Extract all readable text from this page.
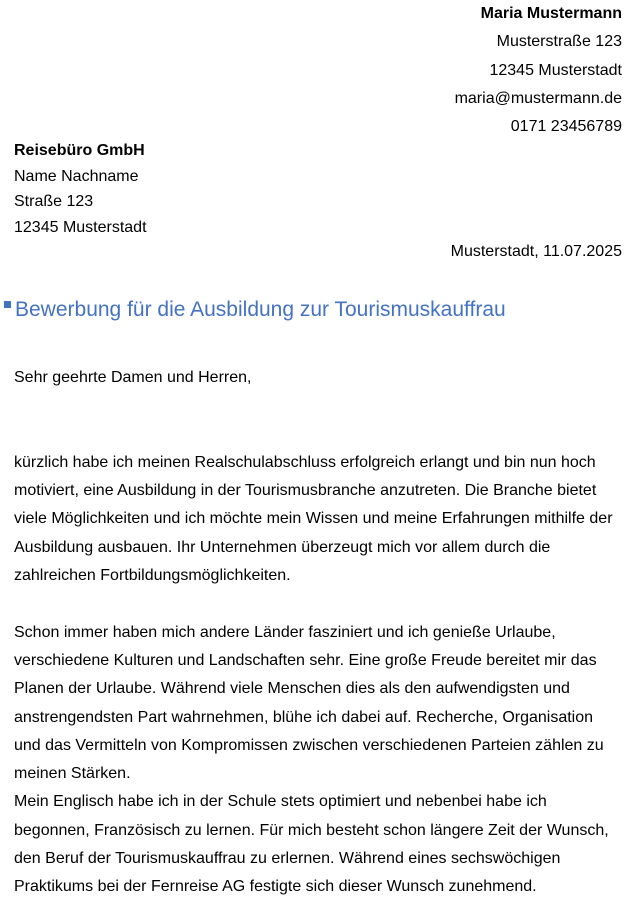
Maria Mustermann
Musterstraße 123
12345 Musterstadt
maria@mustermann.de
0171 23456789
Reisebüro GmbH
Name Nachname
Straße 123
12345 Musterstadt
Musterstadt, 11.07.2025
Bewerbung für die Ausbildung zur Tourismuskauffrau

Sehr geehrte Damen und Herren,

kürzlich habe ich meinen Realschulabschluss erfolgreich erlangt und bin nun hoch motiviert, eine Ausbildung in der Tourismusbranche anzutreten. Die Branche bietet viele Möglichkeiten und ich möchte mein Wissen und meine Erfahrungen mithilfe der Ausbildung ausbauen. Ihr Unternehmen überzeugt mich vor allem durch die zahlreichen Fortbildungsmöglichkeiten.

Schon immer haben mich andere Länder fasziniert und ich genieße Urlaube, verschiedene Kulturen und Landschaften sehr. Eine große Freude bereitet mir das Planen der Urlaube. Während viele Menschen dies als den aufwendigsten und anstrengendsten Part wahrnehmen, blühe ich dabei auf. Recherche, Organisation und das Vermitteln von Kompromissen zwischen verschiedenen Parteien zählen zu meinen Stärken.

Mein Englisch habe ich in der Schule stets optimiert und nebenbei habe ich begonnen, Französisch zu lernen. Für mich besteht schon längere Zeit der Wunsch, den Beruf der Tourismuskauffrau zu erlernen. Während eines sechswöchigen Praktikums bei der Fernreise AG festigte sich dieser Wunsch zunehmend.
